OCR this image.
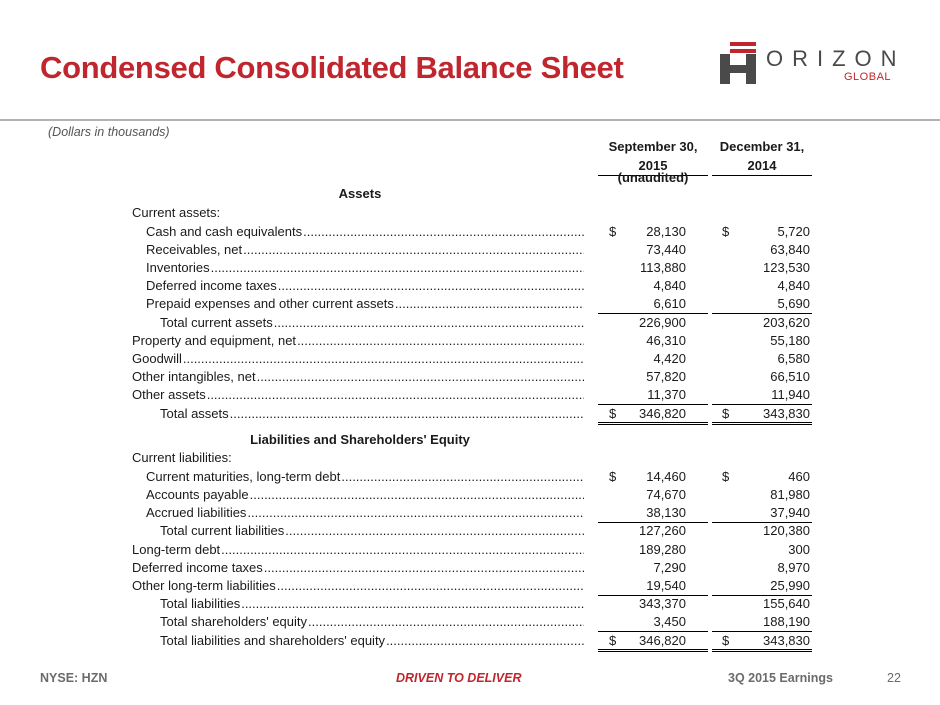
Condensed Consolidated Balance Sheet	ORIZON
GLOBAL
(Dollars in thousands)
September 30,
2015
December 31,
2014
(unaudited)
Assets
Liabilities and Shareholders' Equity
Current assets:
Cash and cash equivalents .....	$ 28,130	$	5,720
Receivables, net .....	73,440	63,840
Inventories .....	113,880	123,530
Deferred income taxes .....	4,840	4,840
Prepaid expenses and other current assets .....	6,610	5,690
Total current assets .....	226,900	203,620
Property and equipment, net .....	46,310	55,180
Goodwill .....	4,420	6,580
Other intangibles, net .....	57,820	66,510
Other assets .....	11,370	11,940
Total assets .....	$ 346,820	$	343,830
Current liabilities:
Current maturities, long-term debt .....	$ 14,460	$	460
Accounts payable .....	74,670	81,980
Accrued liabilities .....	38,130	37,940
Total current liabilities .....	127,260	120,380
Long-term debt .....	189,280	300
Deferred income taxes .....	7,290	8,970
Other long-term liabilities .....	19,540	25,990
Total liabilities .....	343,370	155,640
Total shareholders' equity .....	3,450	188,190
Total liabilities and shareholders' equity .....	$ 346,820	$	343,830
NYSE: HZN	DRIVEN TO DELIVER	3Q 2015 Earnings	22
